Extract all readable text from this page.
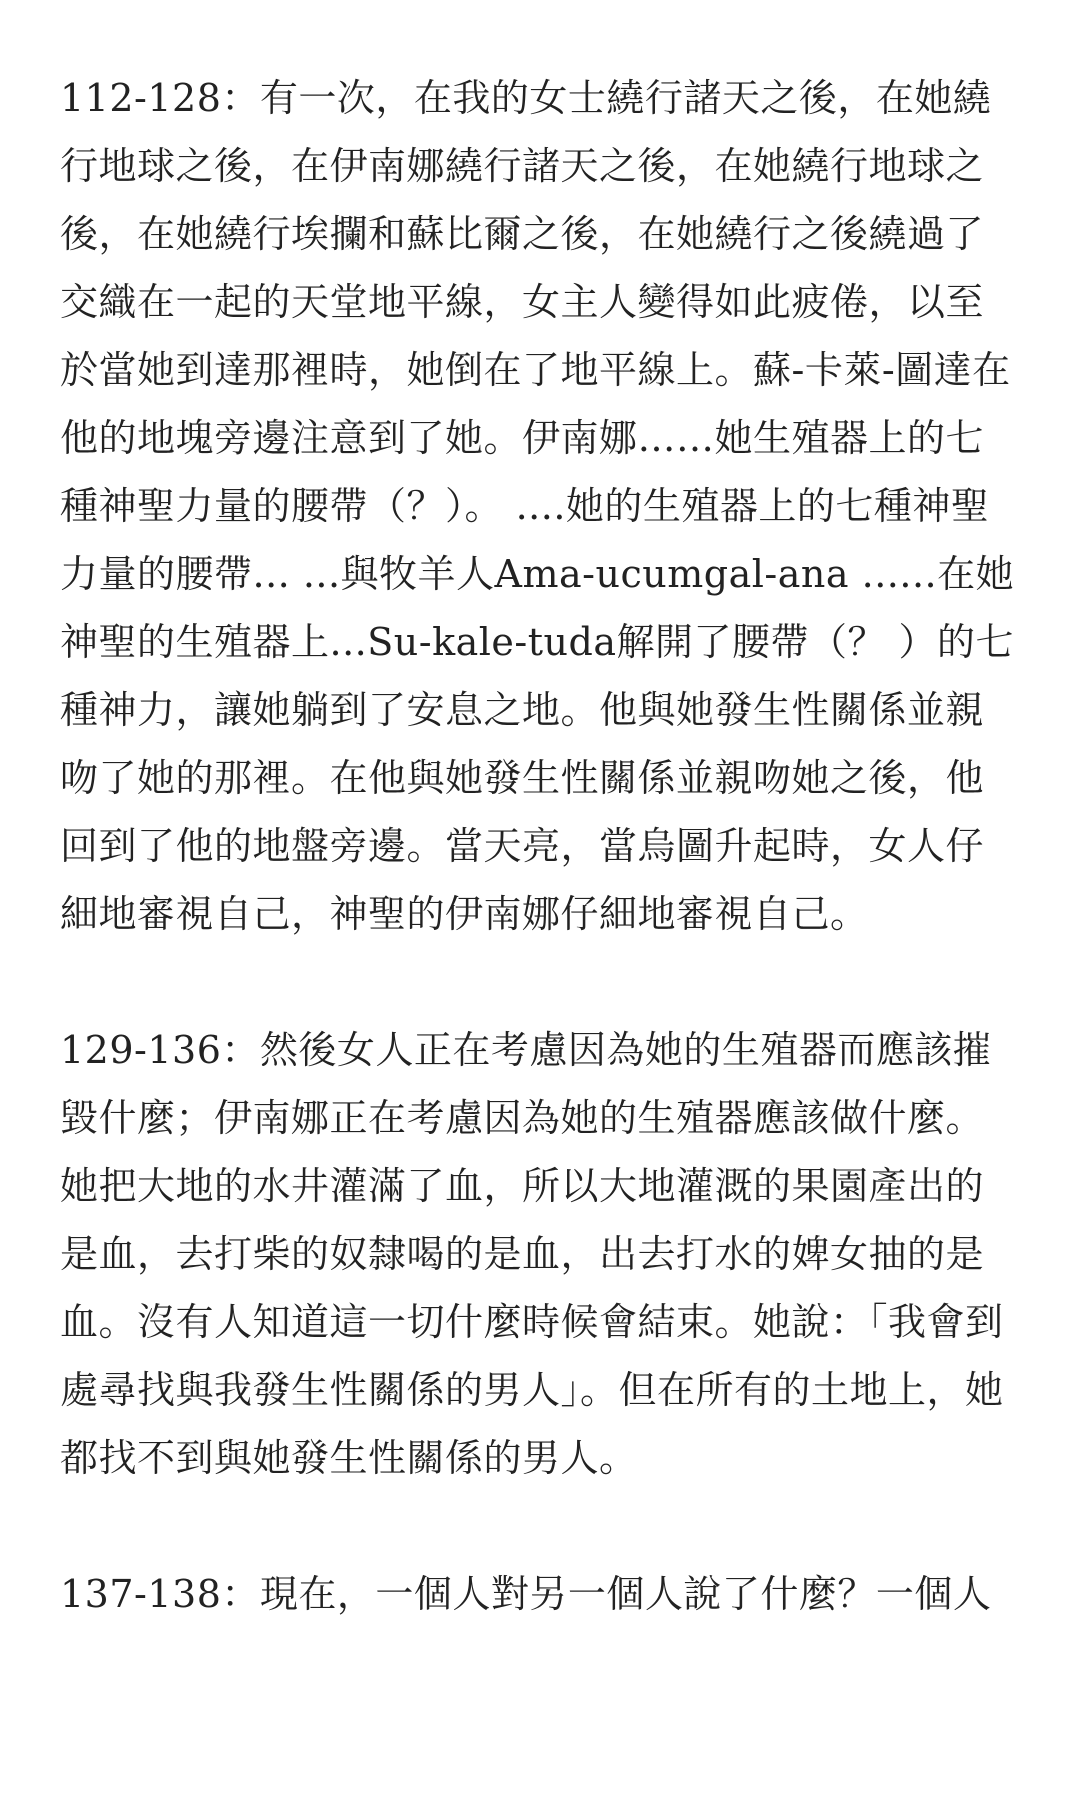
112-128：有一次，在我的女士繞行諸天之後，在她繞行地球之後，在伊南娜繞行諸天之後，在她繞行地球之後，在她繞行埃攔和蘇比爾之後，在她繞行之後繞過了交織在一起的天堂地平線，女主人變得如此疲倦，以至於當她到達那裡時，她倒在了地平線上。蘇-卡萊-圖達在他的地塊旁邊注意到了她。伊南娜……她生殖器上的七種神聖力量的腰帶（？）。 ....她的生殖器上的七種神聖力量的腰帶... ...與牧羊人Ama-ucumgal-ana ......在她神聖的生殖器上...Su-kale-tuda解開了腰帶（？ ）的七種神力，讓她躺到了安息之地。他與她發生性關係並親吻了她的那裡。在他與她發生性關係並親吻她之後，他回到了他的地盤旁邊。當天亮，當烏圖升起時，女人仔細地審視自己，神聖的伊南娜仔細地審視自己。

129-136：然後女人正在考慮因為她的生殖器而應該摧毀什麼；伊南娜正在考慮因為她的生殖器應該做什麼。她把大地的水井灌滿了血，所以大地灌溉的果園產出的是血，去打柴的奴隸喝的是血，出去打水的婢女抽的是血。沒有人知道這一切什麼時候會結束。她說：「我會到處尋找與我發生性關係的男人」。但在所有的土地上，她都找不到與她發生性關係的男人。

137-138：現在，一個人對另一個人說了什麼？一個人
